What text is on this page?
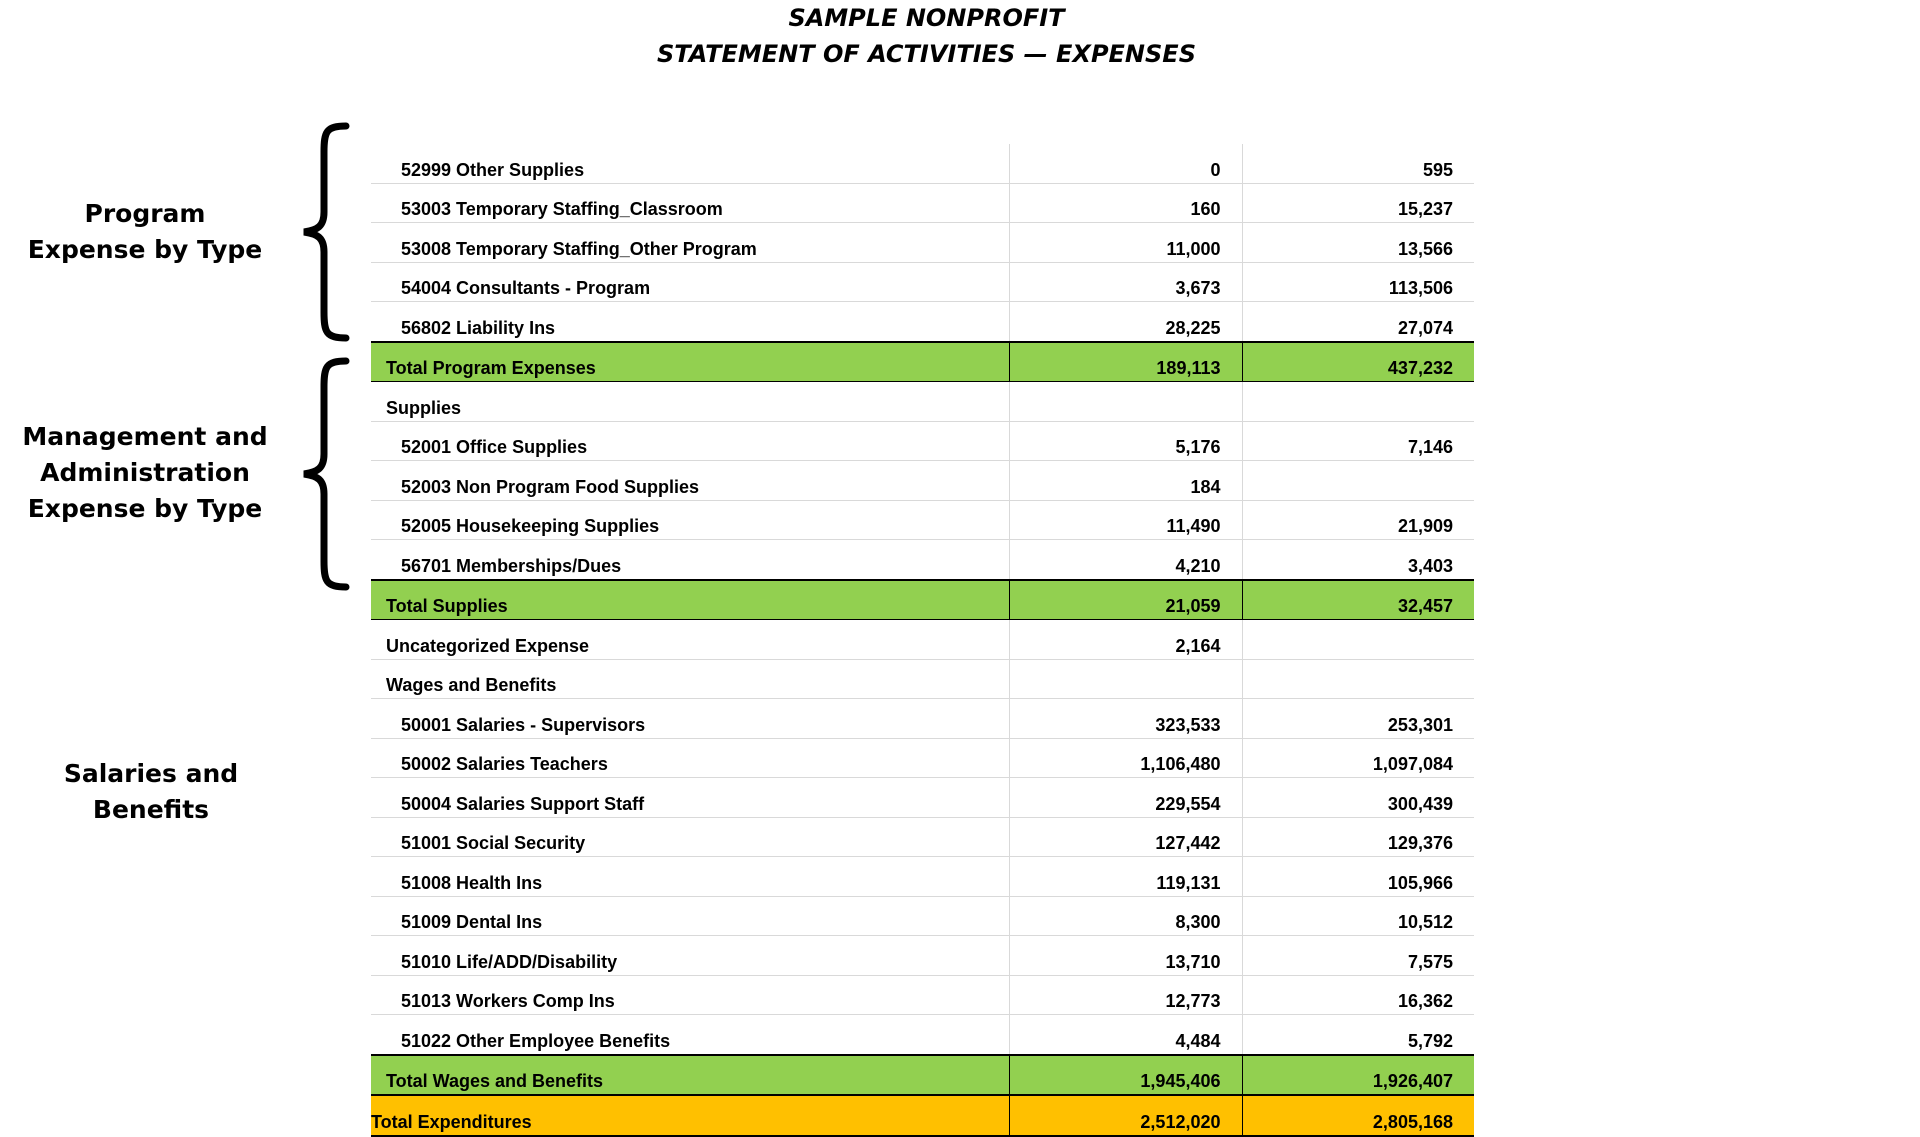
SAMPLE NONPROFIT
STATEMENT OF ACTIVITIES — EXPENSES
Program
Expense by Type
Management and
Administration
Expense by Type
Salaries and
Benefits
52999 Other Supplies	0	595
53003 Temporary Staffing_Classroom	160	15,237
53008 Temporary Staffing_Other Program	11,000	13,566
54004 Consultants - Program	3,673	113,506
56802 Liability Ins	28,225	27,074
Total Program Expenses	189,113	437,232
Supplies		
52001 Office Supplies	5,176	7,146
52003 Non Program Food Supplies	184	
52005 Housekeeping Supplies	11,490	21,909
56701 Memberships/Dues	4,210	3,403
Total Supplies	21,059	32,457
Uncategorized Expense	2,164	
Wages and Benefits		
50001 Salaries - Supervisors	323,533	253,301
50002 Salaries Teachers	1,106,480	1,097,084
50004 Salaries Support Staff	229,554	300,439
51001 Social Security	127,442	129,376
51008 Health Ins	119,131	105,966
51009 Dental Ins	8,300	10,512
51010 Life/ADD/Disability	13,710	7,575
51013 Workers Comp Ins	12,773	16,362
51022 Other Employee Benefits	4,484	5,792
Total Wages and Benefits	1,945,406	1,926,407
Total Expenditures	2,512,020	2,805,168
